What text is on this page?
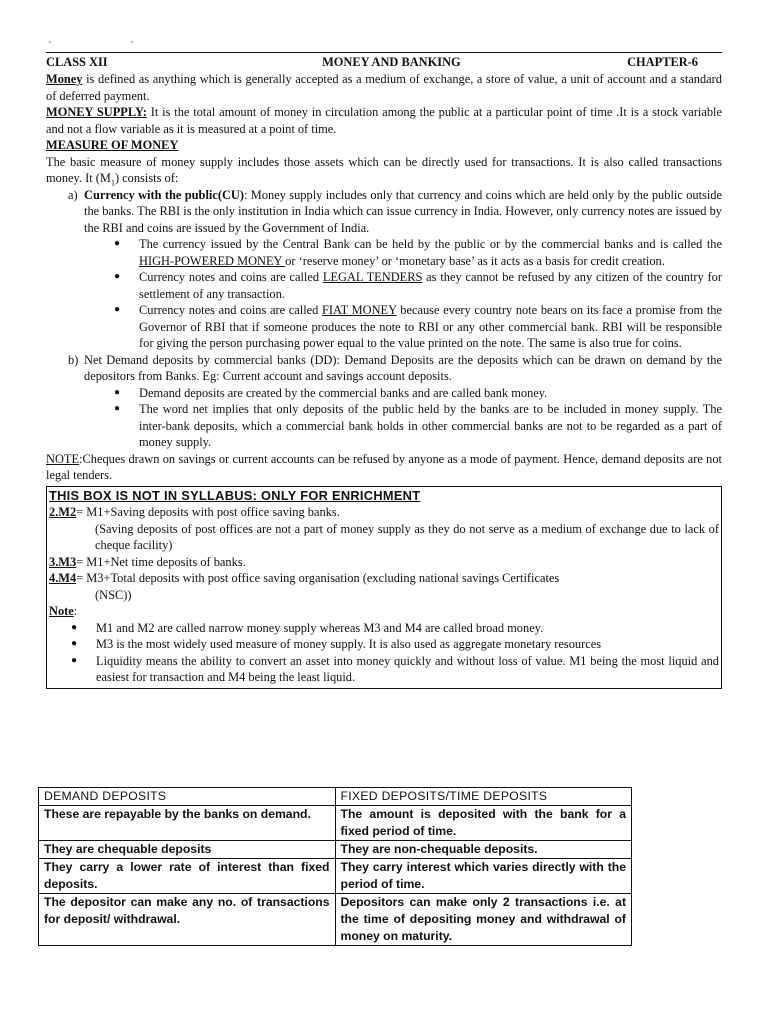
` `
CLASS XII	MONEY AND BANKING	CHAPTER-6

Money is defined as anything which is generally accepted as a medium of exchange, a store of value, a unit of account and a standard of deferred payment.

MONEY SUPPLY: It is the total amount of money in circulation among the public at a particular point of time .It is a stock variable and not a flow variable as it is measured at a point of time.

MEASURE OF MONEY

The basic measure of money supply includes those assets which can be directly used for transactions. It is also called transactions money. It $(M_1)$ consists of:

a) Currency with the public(CU): Money supply includes only that currency and coins which are held only by the public outside the banks. The RBI is the only institution in India which can issue currency in India. However, only currency notes are issued by the RBI and coins are issued by the Government of India.
●	The currency issued by the Central Bank can be held by the public or by the commercial banks and is called the HIGH-POWERED MONEY or ‘reserve money’ or ‘monetary base’ as it acts as a basis for credit creation.
●	Currency notes and coins are called LEGAL TENDERS as they cannot be refused by any citizen of the country for settlement of any transaction.
●	Currency notes and coins are called FIAT MONEY because every country note bears on its face a promise from the Governor of RBI that if someone produces the note to RBI or any other commercial bank. RBI will be responsible for giving the person purchasing power equal to the value printed on the note. The same is also true for coins.
b) Net Demand deposits by commercial banks (DD): Demand Deposits are the deposits which can be drawn on demand by the depositors from Banks. Eg: Current account and savings account deposits.
●	Demand deposits are created by the commercial banks and are called bank money.
●	The word net implies that only deposits of the public held by the banks are to be included in money supply. The inter-bank deposits, which a commercial bank holds in other commercial banks are not to be regarded as a part of money supply.

NOTE:Cheques drawn on savings or current accounts can be refused by anyone as a mode of payment. Hence, demand deposits are not legal tenders.

THIS BOX IS NOT IN SYLLABUS: ONLY FOR ENRICHMENT
2.M2 = M1+Saving deposits with post office saving banks.

(Saving deposits of post offices are not a part of money supply as they do not serve as a medium of exchange due to lack of cheque facility)

3.M3 = M1+Net time deposits of banks.
4.M4 = M3+Total deposits with post office saving organisation (excluding national savings Certificates

(NSC))

Note:

●	M1 and M2 are called narrow money supply whereas M3 and M4 are called broad money.
●	M3 is the most widely used measure of money supply. It is also used as aggregate monetary resources
●	Liquidity means the ability to convert an asset into money quickly and without loss of value. M1 being the most liquid and easiest for transaction and M4 being the least liquid.
DEMAND DEPOSITS	FIXED DEPOSITS/TIME DEPOSITS
These are repayable by the banks on demand.	The amount is deposited with the bank for a fixed period of time.
They are chequable deposits	They are non-chequable deposits.
They carry a lower rate of interest than fixed deposits.	They carry interest which varies directly with the period of time.
The depositor can make any no. of transactions for deposit/ withdrawal.	Depositors can make only 2 transactions i.e. at the time of depositing money and withdrawal of money on maturity.
